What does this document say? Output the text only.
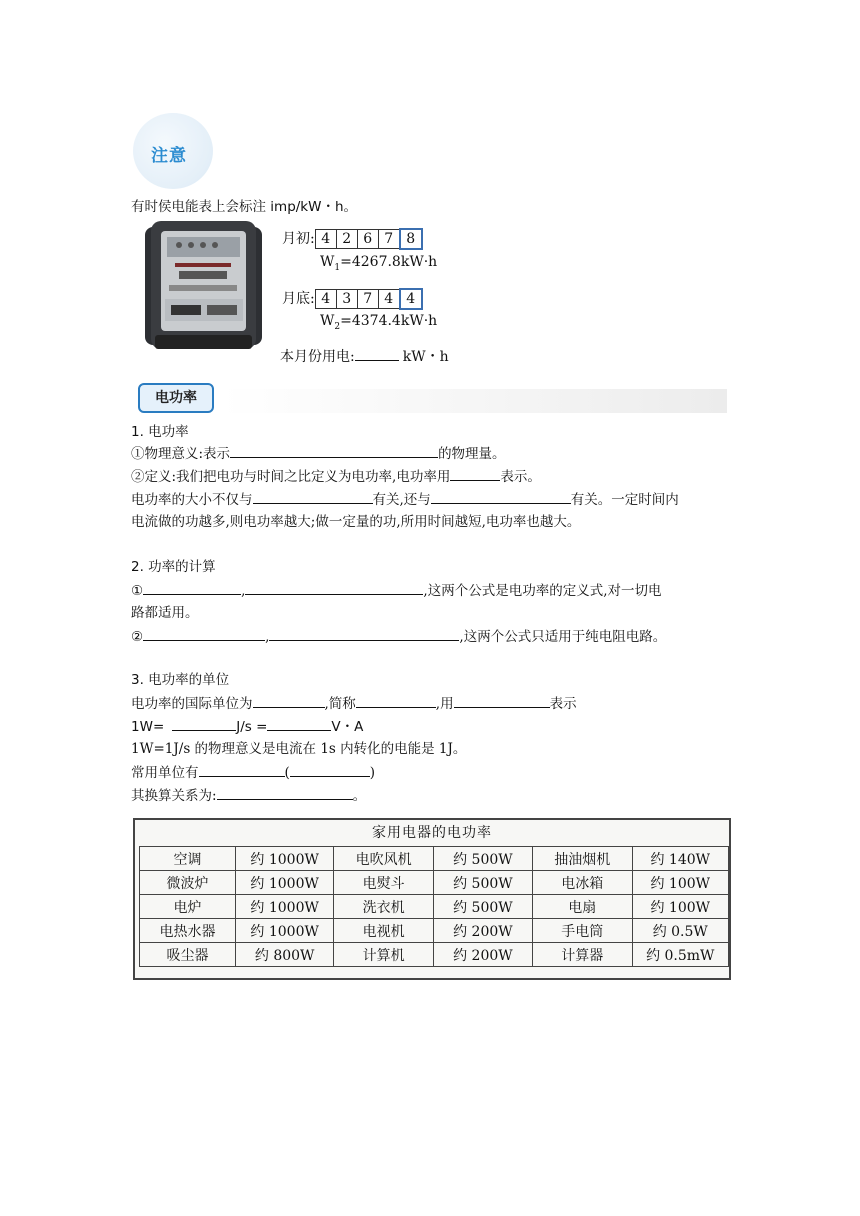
注意
有时侯电能表上会标注 imp/kW・h。
月初: 4 2 6 7 8
$W_1=4267.8kW\cdot h$
月底: 4 3 7 4 4
$W_2=4374.4kW\cdot h$
本月份用电:	kW・h
电功率
1. 电功率
①物理意义:表示	的物理量。
②定义:我们把电功与时间之比定义为电功率,电功率用	表示。
电功率的大小不仅与	有关,还与	有关。一定时间内
电流做的功越多,则电功率越大;做一定量的功,所用时间越短,电功率也越大。
2. 功率的计算
①	,	,这两个公式是电功率的定义式,对一切电
路都适用。
②	,	,这两个公式只适用于纯电阻电路。
3. 电功率的单位
电功率的国际单位为	,简称	,用	表示
1W=	J/s =	V・A
1W=1J/s 的物理意义是电流在 1s 内转化的电能是 1J。
常用单位有	(	)
其换算关系为:	。
家用电器的电功率
空调	约 1000W	电吹风机	约 500W	抽油烟机	约 140W
微波炉	约 1000W	电熨斗	约 500W	电冰箱	约 100W
电炉	约 1000W	洗衣机	约 500W	电扇	约 100W
电热水器	约 1000W	电视机	约 200W	手电筒	约 0.5W
吸尘器	约 800W	计算机	约 200W	计算器	约 0.5mW
